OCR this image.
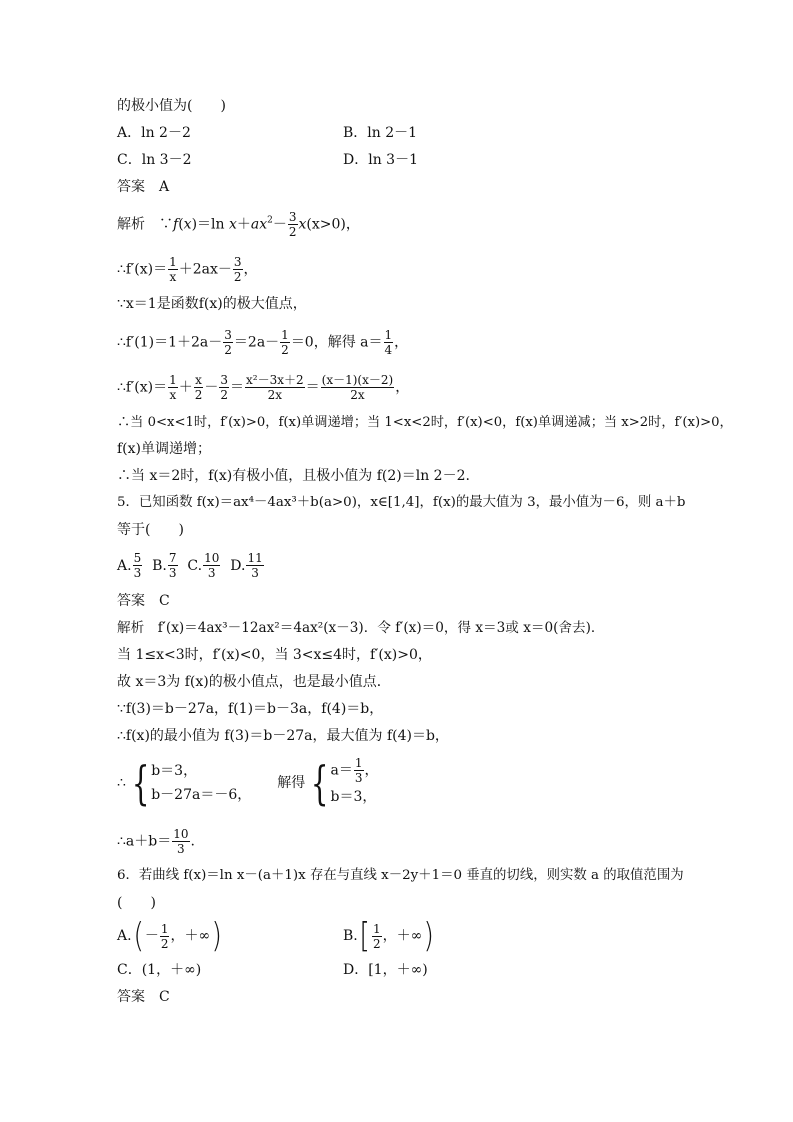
的极小值为(　　)
A．ln 2－2	B．ln 2－1
C．ln 3－2	D．ln 3－1
答案　A
解析　∵f(x)＝ln $x+ax^2- \frac{3}{2} x(x>0)$，
∴f′(x)＝ $\frac{1}{x} +2ax- \frac{3}{2}$ ，
∵x＝1是函数f(x)的极大值点，
∴f′(1)＝1＋2a－ $\frac{3}{2} =2a- \frac{1}{2} =0$，解得 $a= \frac{1}{4}$ ，
∴f′(x)＝ $\frac{1}{x} + \frac{x}{2} - \frac{3}{2} = \frac{\text{x²－3x＋2}}{2x} = \frac{(x-1)(x-2)}{2x}$ ，
∴当 0<x<1时，f′(x)>0，f(x)单调递增；当 1<x<2时，f′(x)<0，f(x)单调递减；当 x>2时，f′(x)>0，
f(x)单调递增；
∴当 x＝2时，f(x)有极小值，且极小值为 f(2)＝ln 2－2.
5．已知函数 f(x)＝ax⁴－4ax³＋b(a>0)，x∈[1,4]，f(x)的最大值为 3，最小值为－6，则 a＋b
等于(　　)
A. $\frac{5}{3} B$. $\frac{7}{3} C$. $\frac{10}{3} D$. $\frac{11}{3}$
答案　C
解析　f′(x)＝4ax³－12ax²＝4ax²(x－3)．令 f′(x)＝0，得 x＝3或 x＝0(舍去)．
当 1≤x<3时，f′(x)<0，当 3<x≤4时，f′(x)>0，
故 x＝3为 f(x)的极小值点，也是最小值点．
∵f(3)＝b－27a，f(1)＝b－3a，f(4)＝b，
∴f(x)的最小值为 f(3)＝b－27a，最大值为 f(4)＝b，
∴ { b＝3，
b－27a＝－6，
解得 { $a= \frac{1}{3}$ ，
b＝3，
∴a＋b＝ $\frac{10}{3}$ .
6．若曲线 f(x)＝ln x－(a＋1)x 存在与直线 x－2y＋1＝0 垂直的切线，则实数 a 的取值范围为
(　　)
$A.(- \frac{1}{2}$ ，＋∞)	$B.[ \frac{1}{2}$ ，＋∞)
C．(1，＋∞)	D．[1，＋∞)
答案　C
